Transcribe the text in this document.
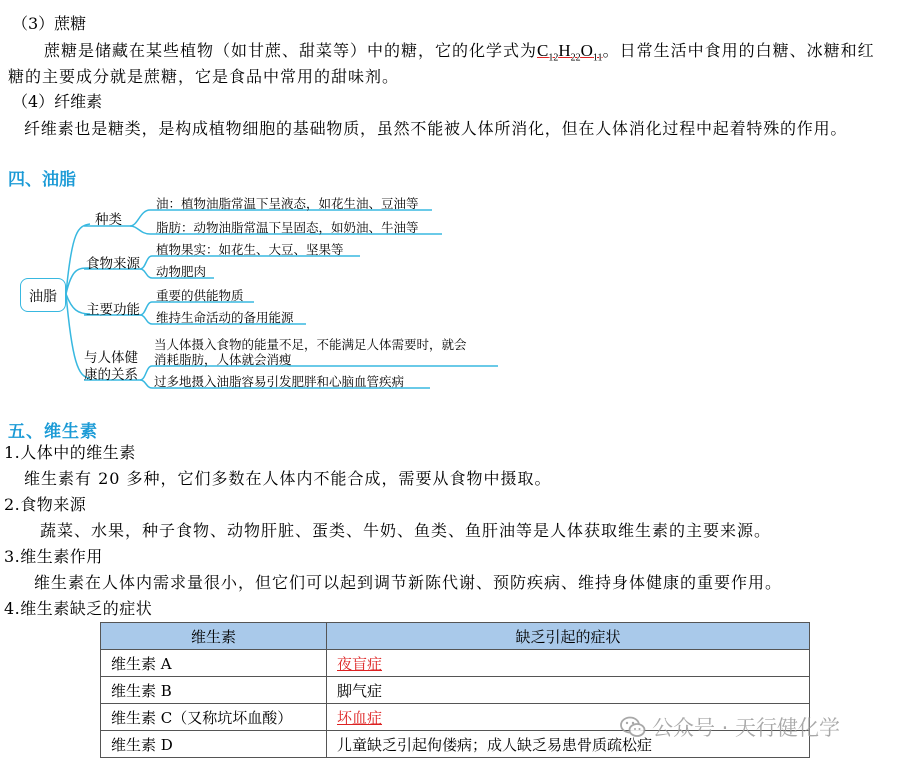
（3）蔗糖
蔗糖是储藏在某些植物（如甘蔗、甜菜等）中的糖，它的化学式为$C_{12}H_{22}O_{11}$。日常生活中食用的白糖、冰糖和红
糖的主要成分就是蔗糖，它是食品中常用的甜味剂。
（4）纤维素
纤维素也是糖类，是构成植物细胞的基础物质，虽然不能被人体所消化，但在人体消化过程中起着特殊的作用。
四、油脂
油脂
种类
油：植物油脂常温下呈液态，如花生油、豆油等
脂肪：动物油脂常温下呈固态，如奶油、牛油等
食物来源
植物果实：如花生、大豆、坚果等
动物肥肉
主要功能
重要的供能物质
维持生命活动的备用能源
与人体健
康的关系
当人体摄入食物的能量不足，不能满足人体需要时，就会
消耗脂肪，人体就会消瘦
过多地摄入油脂容易引发肥胖和心脑血管疾病
五、维生素
1.人体中的维生素
维生素有 20 多种，它们多数在人体内不能合成，需要从食物中摄取。
2.食物来源
蔬菜、水果，种子食物、动物肝脏、蛋类、牛奶、鱼类、鱼肝油等是人体获取维生素的主要来源。
3.维生素作用
维生素在人体内需求量很小，但它们可以起到调节新陈代谢、预防疾病、维持身体健康的重要作用。
4.维生素缺乏的症状
维生素	缺乏引起的症状
维生素 A	夜盲症
维生素 B	脚气症
维生素 C（又称坑坏血酸）	坏血症
维生素 D	儿童缺乏引起佝偻病；成人缺乏易患骨质疏松症
公众号 · 天行健化学
